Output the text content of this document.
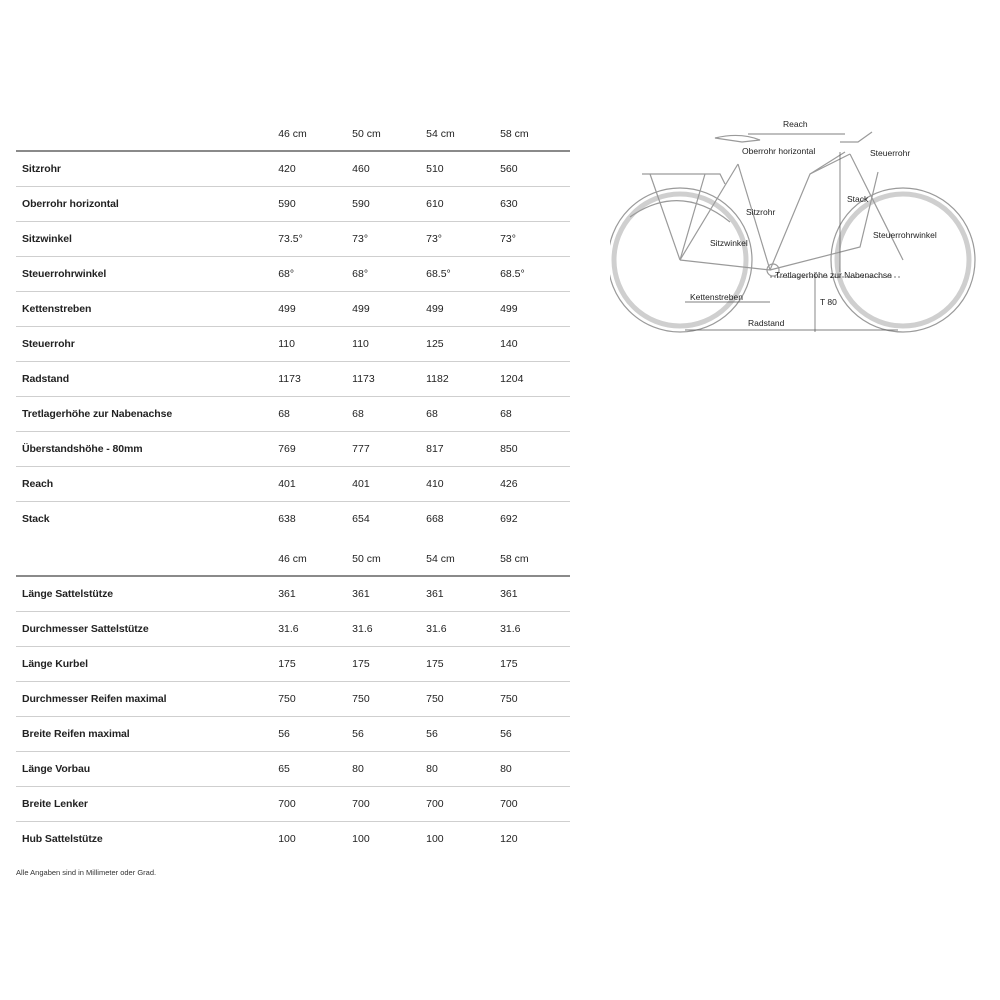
46 cm	50 cm	54 cm	58 cm
Sitzrohr	420	460	510	560
Oberrohr horizontal	590	590	610	630
Sitzwinkel	73.5°	73°	73°	73°
Steuerrohrwinkel	68°	68°	68.5°	68.5°
Kettenstreben	499	499	499	499
Steuerrohr	110	110	125	140
Radstand	1173	1173	1182	1204
Tretlagerhöhe zur Nabenachse	68	68	68	68
Überstandshöhe - 80mm	769	777	817	850
Reach	401	401	410	426
Stack	638	654	668	692
46 cm	50 cm	54 cm	58 cm
Länge Sattelstütze	361	361	361	361
Durchmesser Sattelstütze	31.6	31.6	31.6	31.6
Länge Kurbel	175	175	175	175
Durchmesser Reifen maximal	750	750	750	750
Breite Reifen maximal	56	56	56	56
Länge Vorbau	65	80	80	80
Breite Lenker	700	700	700	700
Hub Sattelstütze	100	100	100	120
Alle Angaben sind in Millimeter oder Grad.
Reach
Oberrohr horizontal	Steuerrohr
Sitzrohr
Stack
Steuerrohrwinkel
Sitzwinkel
Tretlagerhöhe zur Nabenachse
Kettenstreben	T 80
Radstand
